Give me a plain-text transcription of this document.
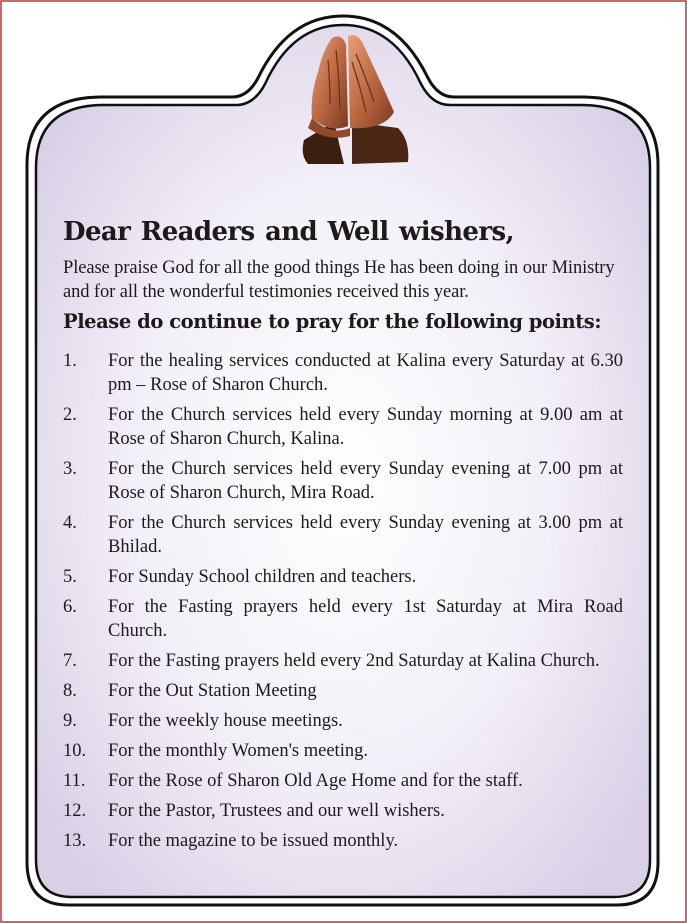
Dear Readers and Well wishers,

Please praise God for all the good things He has been doing in our Ministry and for all the wonderful testimonies received this year.

Please do continue to pray for the following points:
1.	For the healing services conducted at Kalina every Saturday at 6.30 pm – Rose of Sharon Church.
2.	For the Church services held every Sunday morning at 9.00 am at Rose of Sharon Church, Kalina.
3.	For the Church services held every Sunday evening at 7.00 pm at Rose of Sharon Church, Mira Road.
4.	For the Church services held every Sunday evening at 3.00 pm at Bhilad.
5.	For Sunday School children and teachers.
6.	For the Fasting prayers held every 1st Saturday at Mira Road Church.
7.	For the Fasting prayers held every 2nd Saturday at Kalina Church.
8.	For the Out Station Meeting
9.	For the weekly house meetings.
10.	For the monthly Women's meeting.
11.	For the Rose of Sharon Old Age Home and for the staff.
12.	For the Pastor, Trustees and our well wishers.
13.	For the magazine to be issued monthly.
